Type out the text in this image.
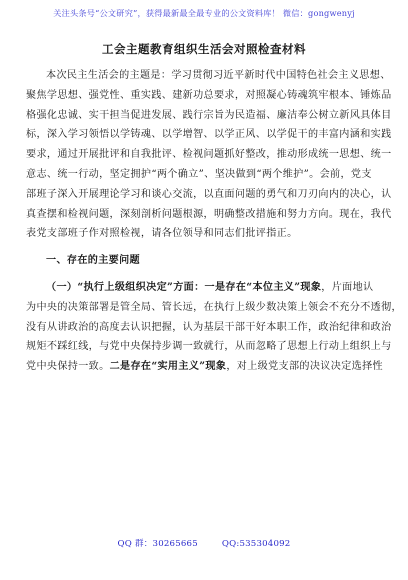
关注头条号“公文研究”，获得最新最全最专业的公文资料库！ 微信：gongwenyj
工会主题教育组织生活会对照检查材料

本次民主生活会的主题是：学习贯彻习近平新时代中国特色社会主义思想、

聚焦学思想、强党性、重实践、建新功总要求，对照凝心铸魂筑牢根本、锤炼品

格强化忠诚、实干担当促进发展、践行宗旨为民造福、廉洁奉公树立新风具体目

标，深入学习领悟以学铸魂、以学增智、以学正风、以学促干的丰富内涵和实践

要求，通过开展批评和自我批评、检视问题抓好整改，推动形成统一思想、统一

意志、统一行动，坚定拥护“两个确立”、坚决做到“两个维护”。会前，党支

部班子深入开展理论学习和谈心交流，以直面问题的勇气和刀刃向内的决心，认

真查摆和检视问题，深刻剖析问题根源，明确整改措施和努力方向。现在，我代

表党支部班子作对照检视，请各位领导和同志们批评指正。

一、存在的主要问题

（一）“执行上级组织决定”方面：一是存在“本位主义”现象，片面地认

为中央的决策部署是管全局、管长远，在执行上级少数决策上领会不充分不透彻，

没有从讲政治的高度去认识把握，认为基层干部干好本职工作，政治纪律和政治

规矩不踩红线，与党中央保持步调一致就行，从而忽略了思想上行动上组织上与

党中央保持一致。二是存在“实用主义”现象，对上级党支部的决议决定选择性

QQ 群：30265665	QQ:535304092
